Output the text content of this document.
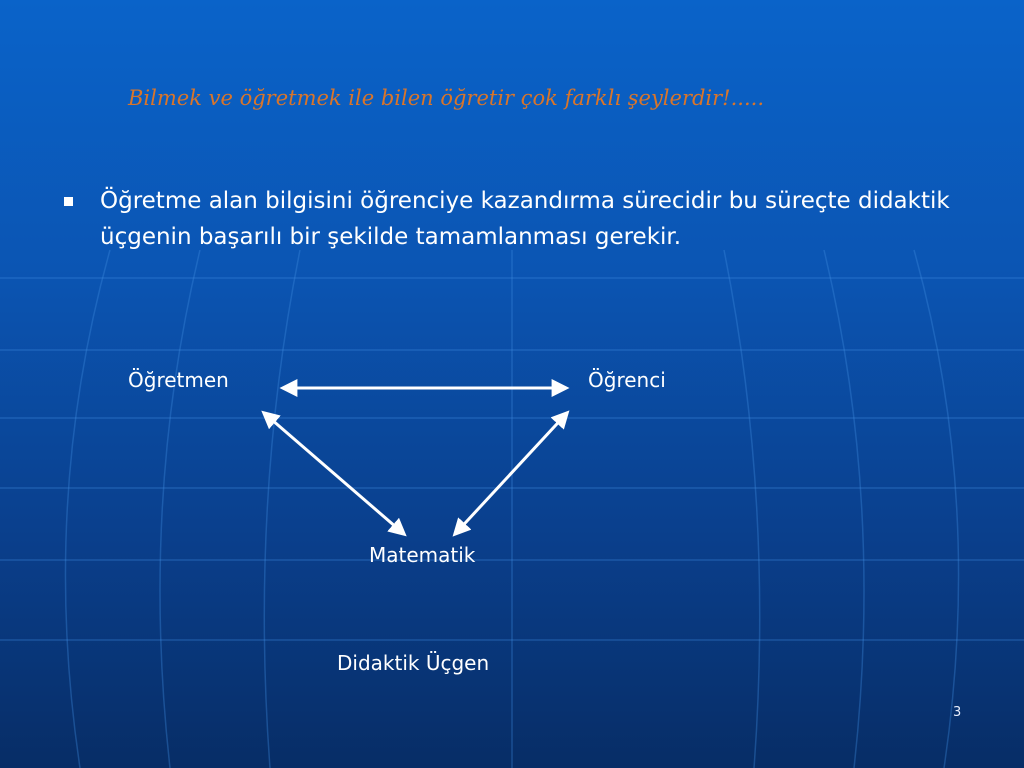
Bilmek ve öğretmek ile bilen öğretir çok farklı şeylerdir!.....
Öğretme alan bilgisini öğrenciye kazandırma sürecidir bu süreçte didaktik üçgenin başarılı bir şekilde tamamlanması gerekir.
Öğretmen	Öğrenci
Matematik
Didaktik Üçgen
3
